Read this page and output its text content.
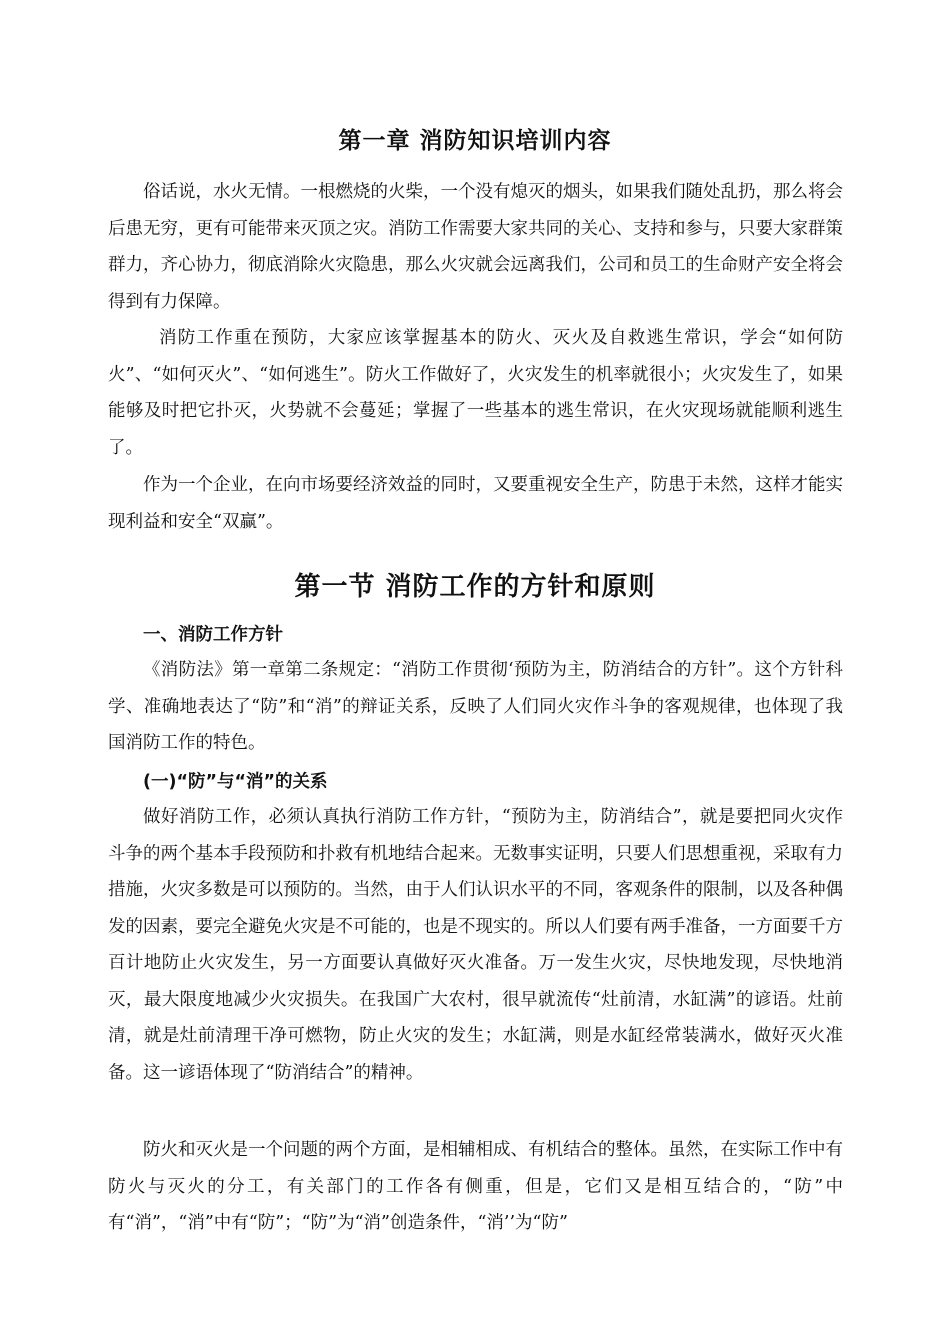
第一章 消防知识培训内容

俗话说，水火无情。一根燃烧的火柴，一个没有熄灭的烟头，如果我们随处乱扔，那么将会后患无穷，更有可能带来灭顶之灾。消防工作需要大家共同的关心、支持和参与，只要大家群策群力，齐心协力，彻底消除火灾隐患，那么火灾就会远离我们，公司和员工的生命财产安全将会得到有力保障。

消防工作重在预防，大家应该掌握基本的防火、灭火及自救逃生常识，学会“如何防火”、“如何灭火”、“如何逃生”。防火工作做好了，火灾发生的机率就很小；火灾发生了，如果能够及时把它扑灭，火势就不会蔓延；掌握了一些基本的逃生常识，在火灾现场就能顺利逃生了。

作为一个企业，在向市场要经济效益的同时，又要重视安全生产，防患于未然，这样才能实现利益和安全“双赢”。

第一节 消防工作的方针和原则
一、消防工作方针

《消防法》第一章第二条规定：“消防工作贯彻‘预防为主，防消结合的方针”。这个方针科学、准确地表达了“防”和“消”的辩证关系，反映了人们同火灾作斗争的客观规律，也体现了我国消防工作的特色。

(一)“防”与“消”的关系

做好消防工作，必须认真执行消防工作方针，“预防为主，防消结合”，就是要把同火灾作斗争的两个基本手段预防和扑救有机地结合起来。无数事实证明，只要人们思想重视，采取有力措施，火灾多数是可以预防的。当然，由于人们认识水平的不同，客观条件的限制，以及各种偶发的因素，要完全避免火灾是不可能的，也是不现实的。所以人们要有两手准备，一方面要千方百计地防止火灾发生，另一方面要认真做好灭火准备。万一发生火灾，尽快地发现，尽快地消灭，最大限度地减少火灾损失。在我国广大农村，很早就流传“灶前清，水缸满”的谚语。灶前清，就是灶前清理干净可燃物，防止火灾的发生；水缸满，则是水缸经常装满水，做好灭火准备。这一谚语体现了“防消结合”的精神。

防火和灭火是一个问题的两个方面，是相辅相成、有机结合的整体。虽然，在实际工作中有防火与灭火的分工，有关部门的工作各有侧重，但是，它们又是相互结合的，“防”中有“消”，“消”中有“防”；“防”为“消”创造条件，“消’’为“防”
